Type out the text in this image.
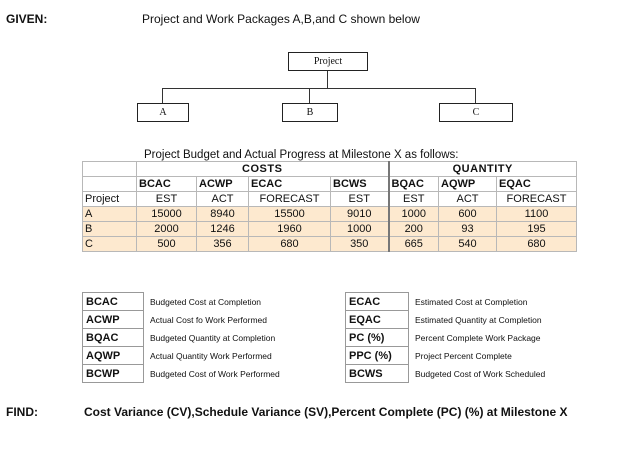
GIVEN:	Project and Work Packages A,B,and C shown below
Project
A	B	C
Project Budget and Actual Progress at Milestone X as follows:
	COSTS				QUANTITY		
	BCAC	ACWP	ECAC	BCWS	BQAC	AQWP	EQAC
Project	EST	ACT	FORECAST	EST	EST	ACT	FORECAST
A	15000	8940	15500	9010	1000	600	1100
B	2000	1246	1960	1000	200	93	195
C	500	356	680	350	665	540	680
BCAC	Budgeted Cost at Completion
ACWP	Actual Cost fo Work Performed
BQAC	Budgeted Quantity at Completion
AQWP	Actual Quantity Work Performed
BCWP	Budgeted Cost of Work Performed
ECAC	Estimated Cost at Completion
EQAC	Estimated Quantity at Completion
PC (%)	Percent Complete Work Package
PPC (%)	Project Percent Complete
BCWS	Budgeted Cost of Work Scheduled
FIND:	Cost Variance (CV),Schedule Variance (SV),Percent Complete (PC) (%) at Milestone X
